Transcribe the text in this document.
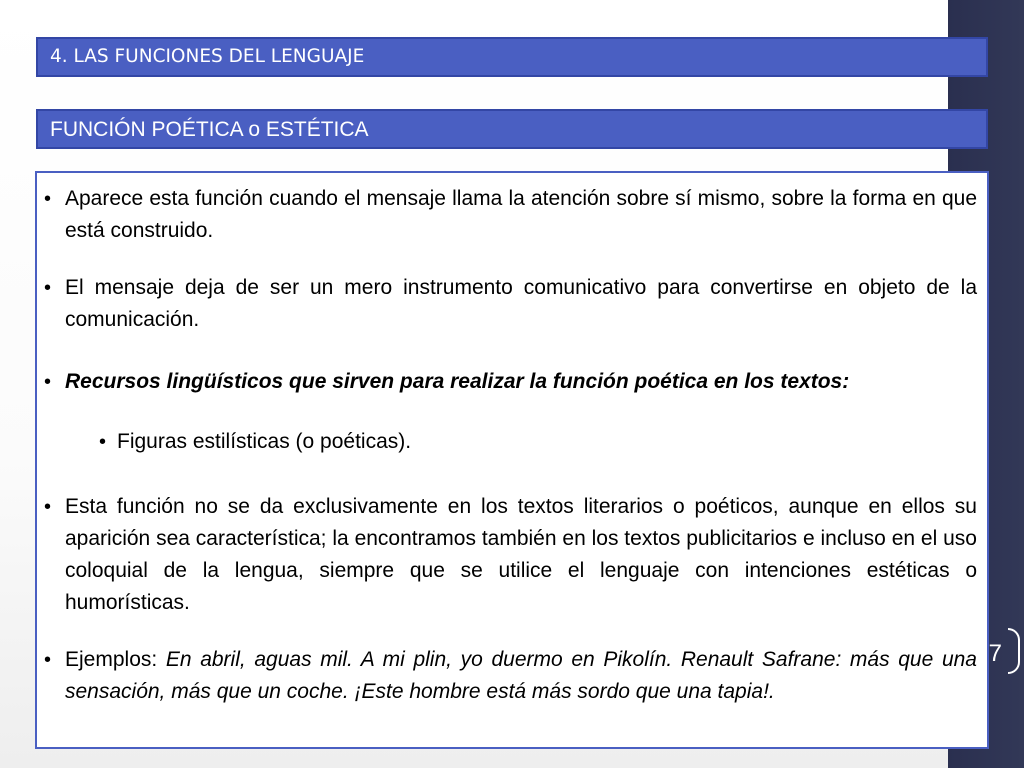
7
4. LAS FUNCIONES DEL LENGUAJE
FUNCIÓN POÉTICA o ESTÉTICA
• Aparece esta función cuando el mensaje llama la atención sobre sí mismo, sobre la forma en que está construido.
• El mensaje deja de ser un mero instrumento comunicativo para convertirse en objeto de la comunicación.
• Recursos lingüísticos que sirven para realizar la función poética en los textos:
• Figuras estilísticas (o poéticas).
• Esta función no se da exclusivamente en los textos literarios o poéticos, aunque en ellos su aparición sea característica; la encontramos también en los textos publicitarios e incluso en el uso coloquial de la lengua, siempre que se utilice el lenguaje con intenciones estéticas o humorísticas.
• Ejemplos: En abril, aguas mil. A mi plin, yo duermo en Pikolín. Renault Safrane: más que una sensación, más que un coche. ¡Este hombre está más sordo que una tapia!.
